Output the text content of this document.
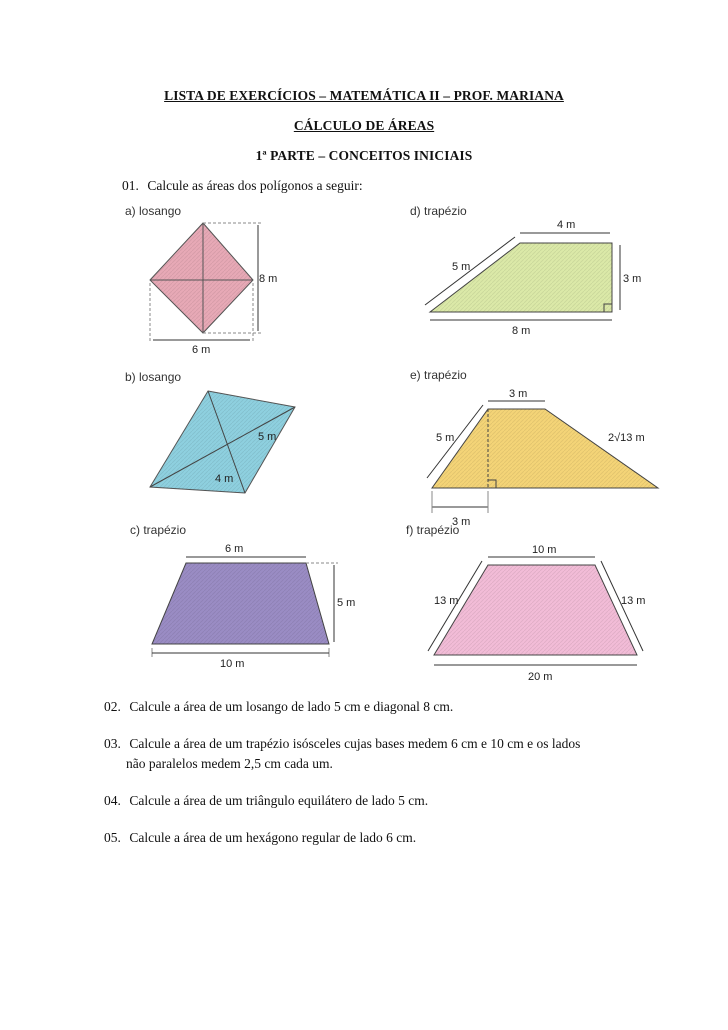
LISTA DE EXERCÍCIOS – MATEMÁTICA II – PROF. MARIANA
CÁLCULO DE ÁREAS
1ª PARTE – CONCEITOS INICIAIS
01. Calcule as áreas dos polígonos a seguir:
a) losango
8 m
6 m
b) losango
5 m
4 m
c) trapézio
6 m
5 m
10 m
d) trapézio
4 m
5 m
3 m
8 m
e) trapézio
3 m
5 m	2√13 m
3 m
f) trapézio
10 m
13 m	13 m
20 m
02. Calcule a área de um losango de lado 5 cm e diagonal 8 cm.
03. Calcule a área de um trapézio isósceles cujas bases medem 6 cm e 10 cm e os lados
não paralelos medem 2,5 cm cada um.
04. Calcule a área de um triângulo equilátero de lado 5 cm.
05. Calcule a área de um hexágono regular de lado 6 cm.
